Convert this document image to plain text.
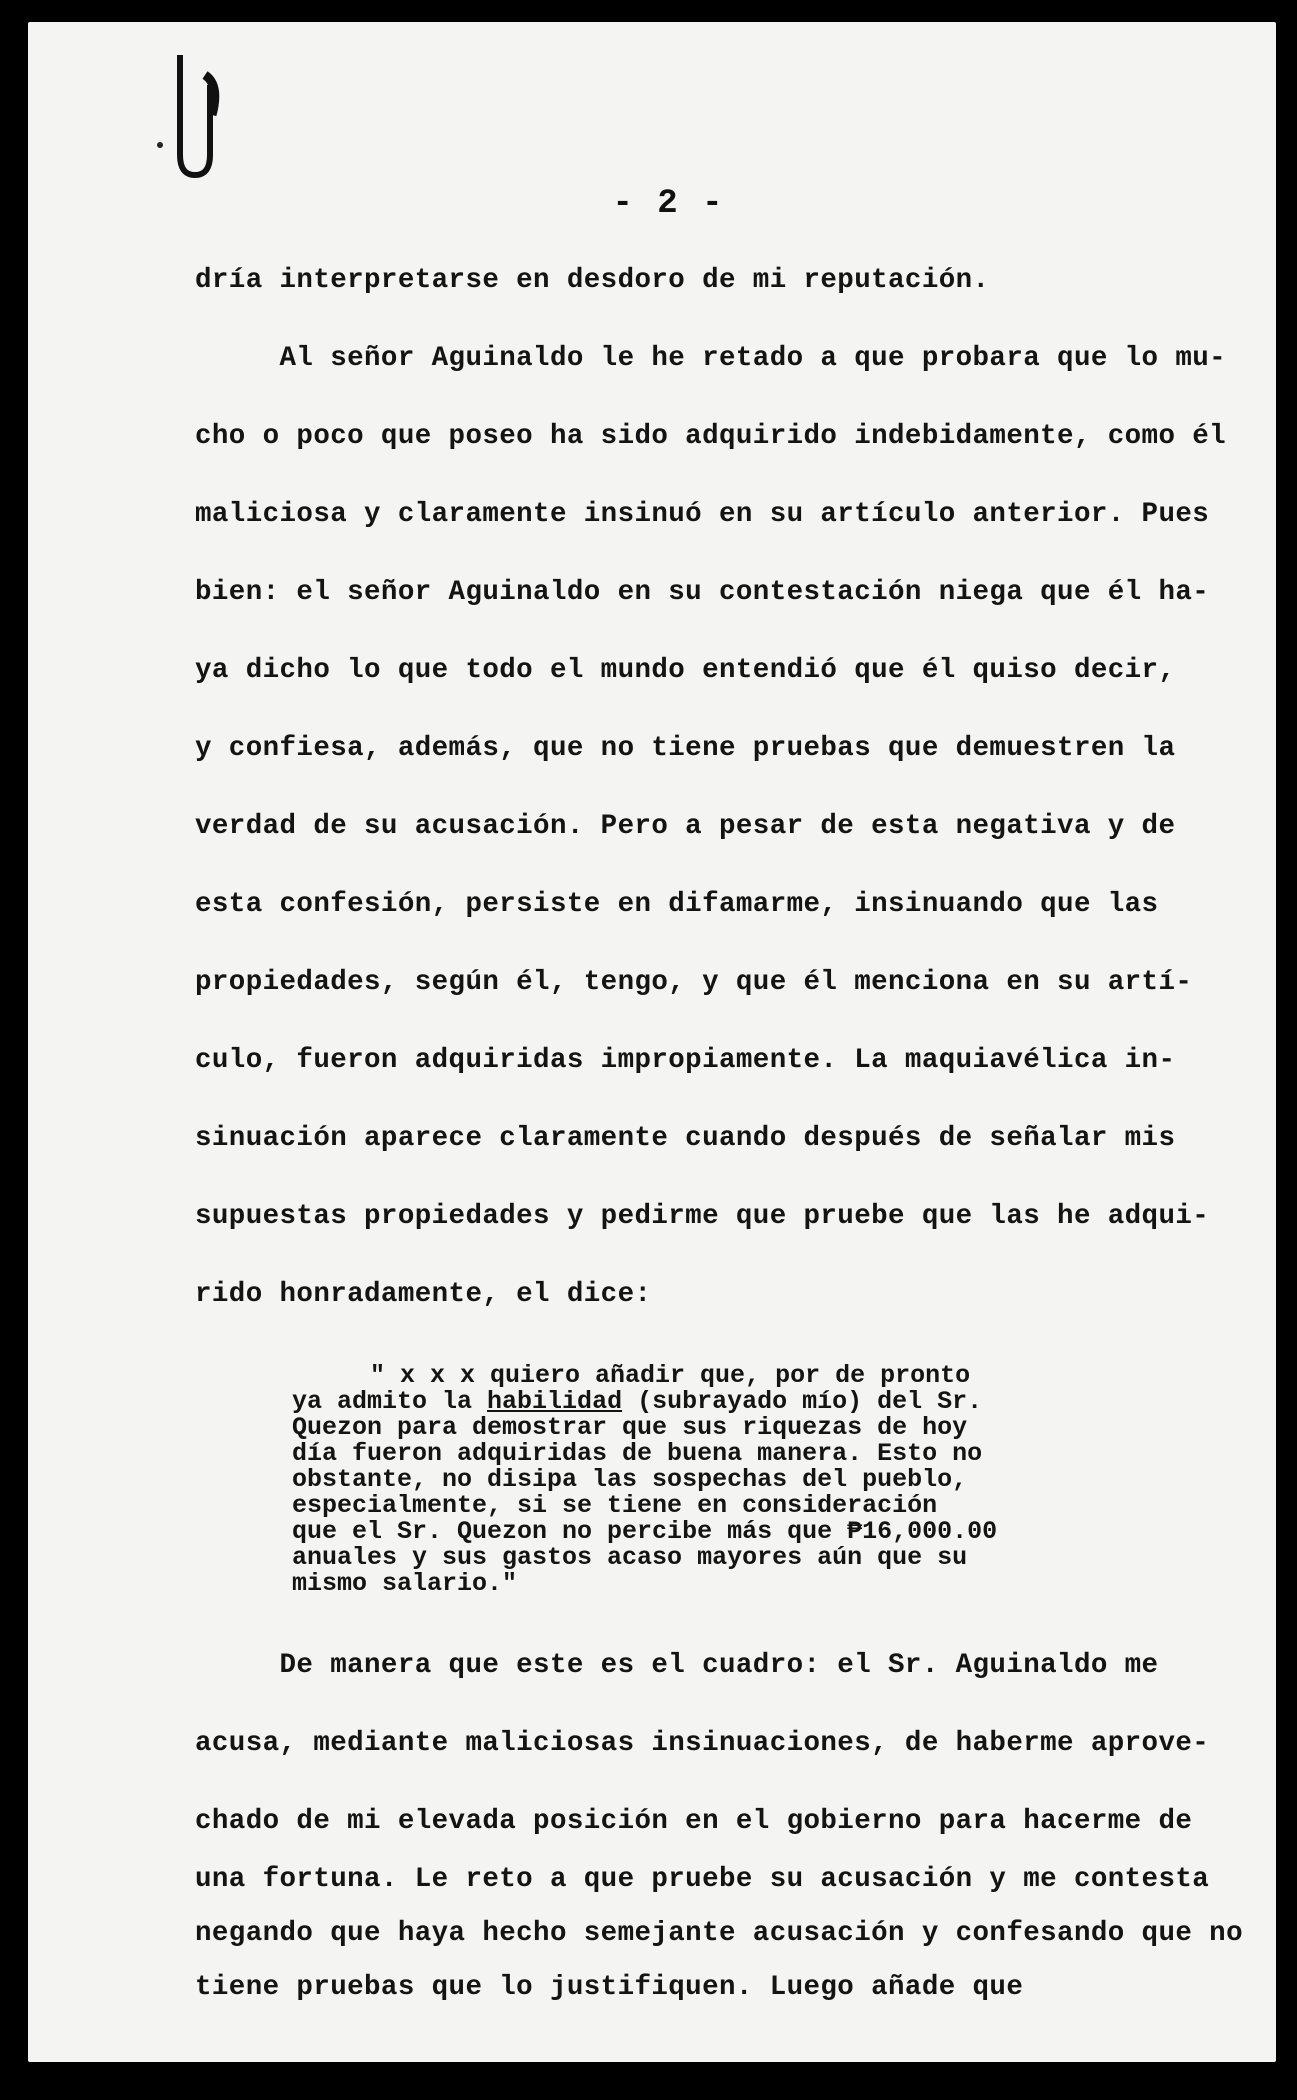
- 2 -
dría interpretarse en desdoro de mi reputación.
Al señor Aguinaldo le he retado a que probara que lo mu-
cho o poco que poseo ha sido adquirido indebidamente, como él
maliciosa y claramente insinuó en su artículo anterior. Pues
bien: el señor Aguinaldo en su contestación niega que él ha-
ya dicho lo que todo el mundo entendió que él quiso decir,
y confiesa, además, que no tiene pruebas que demuestren la
verdad de su acusación. Pero a pesar de esta negativa y de
esta confesión, persiste en difamarme, insinuando que las
propiedades, según él, tengo, y que él menciona en su artí-
culo, fueron adquiridas impropiamente. La maquiavélica in-
sinuación aparece claramente cuando después de señalar mis
supuestas propiedades y pedirme que pruebe que las he adqui-
rido honradamente, el dice:
" x x x quiero añadir que, por de pronto
ya admito la habilidad (subrayado mío) del Sr.
Quezon para demostrar que sus riquezas de hoy
día fueron adquiridas de buena manera. Esto no
obstante, no disipa las sospechas del pueblo,
especialmente, si se tiene en consideración
que el Sr. Quezon no percibe más que ₱16,000.00
anuales y sus gastos acaso mayores aún que su
mismo salario."
De manera que este es el cuadro: el Sr. Aguinaldo me
acusa, mediante maliciosas insinuaciones, de haberme aprove-
chado de mi elevada posición en el gobierno para hacerme de
una fortuna. Le reto a que pruebe su acusación y me contesta
negando que haya hecho semejante acusación y confesando que no
tiene pruebas que lo justifiquen. Luego añade que
